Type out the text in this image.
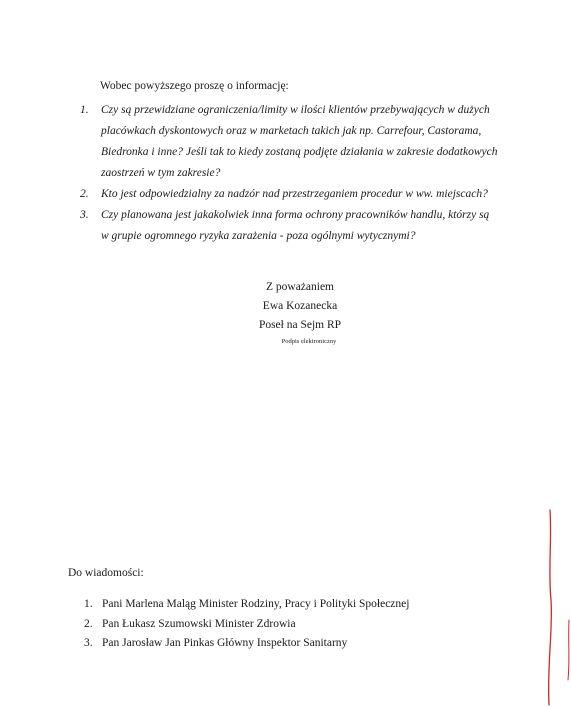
Wobec powyższego proszę o informację:

1. Czy są przewidziane ograniczenia/limity w ilości klientów przebywających w dużych
placówkach dyskontowych oraz w marketach takich jak np. Carrefour, Castorama,
Biedronka i inne? Jeśli tak to kiedy zostaną podjęte działania w zakresie dodatkowych
zaostrzeń w tym zakresie?
2. Kto jest odpowiedzialny za nadzór nad przestrzeganiem procedur w ww. miejscach?
3. Czy planowana jest jakakolwiek inna forma ochrony pracowników handlu, którzy są
w grupie ogromnego ryzyka zarażenia - poza ogólnymi wytycznymi?
Z poważaniem
Ewa Kozanecka
Poseł na Sejm RP
Podpis elektroniczny

Do wiadomości:

1. Pani Marlena Maląg Minister Rodziny, Pracy i Polityki Społecznej
2. Pan Łukasz Szumowski Minister Zdrowia
3. Pan Jarosław Jan Pinkas Główny Inspektor Sanitarny
